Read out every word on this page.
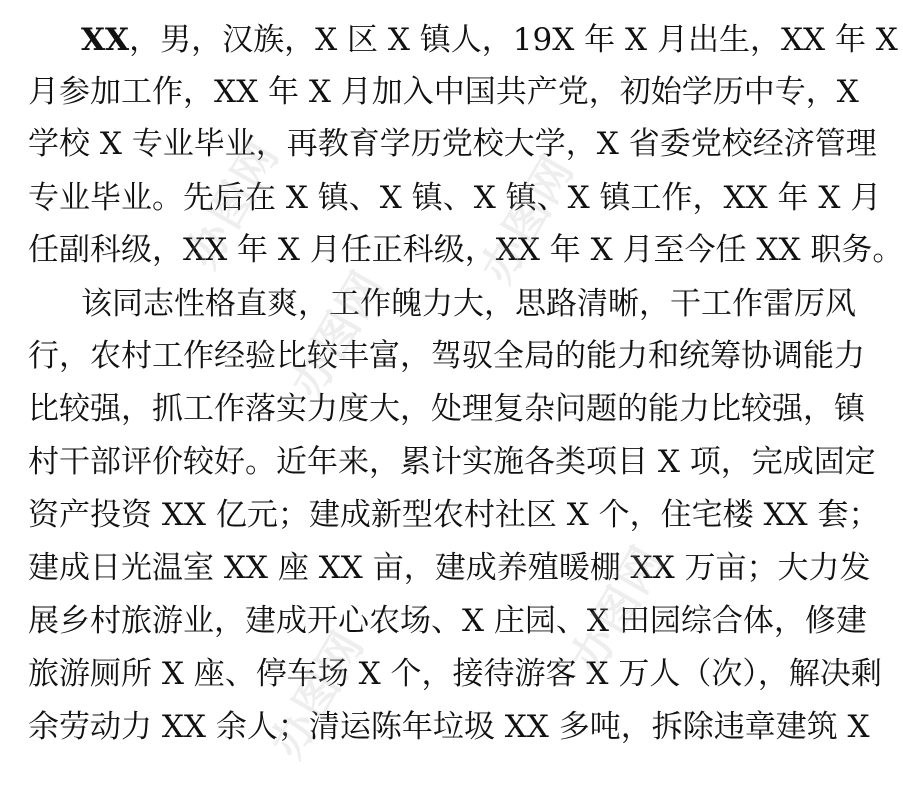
XX，男，汉族，X 区 X 镇人，19X 年 X 月出生，XX 年 X
月参加工作，XX 年 X 月加入中国共产党，初始学历中专，X
学校 X 专业毕业，再教育学历党校大学，X 省委党校经济管理
专业毕业。先后在 X 镇、X 镇、X 镇、X 镇工作，XX 年 X 月
任副科级，XX 年 X 月任正科级，XX 年 X 月至今任 XX 职务。
该同志性格直爽，工作魄力大，思路清晰，干工作雷厉风
行，农村工作经验比较丰富，驾驭全局的能力和统筹协调能力
比较强，抓工作落实力度大，处理复杂问题的能力比较强，镇
村干部评价较好。近年来，累计实施各类项目 X 项，完成固定
资产投资 XX 亿元；建成新型农村社区 X 个，住宅楼 XX 套；
建成日光温室 XX 座 XX 亩，建成养殖暖棚 XX 万亩；大力发
展乡村旅游业，建成开心农场、X 庄园、X 田园综合体，修建
旅游厕所 X 座、停车场 X 个，接待游客 X 万人（次），解决剩
余劳动力 XX 余人；清运陈年垃圾 XX 多吨，拆除违章建筑 X
办图网	办图网
办图网
办图网
办图网
